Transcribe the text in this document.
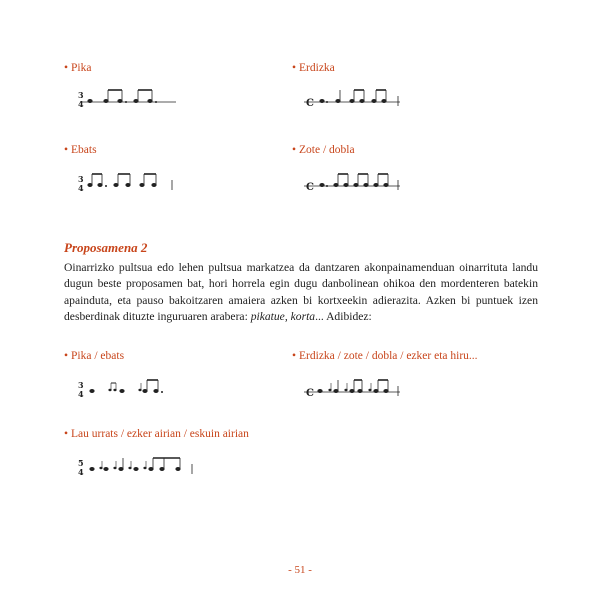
• Pika
3
4
• Erdizka
C
• Ebats
3
4
• Zote / dobla
C
Proposamena 2
Oinarrizko pultsua edo lehen pultsua markatzea da dantzaren akonpainamenduan oinarrituta landu dugun beste proposamen bat, hori horrela egin dugu danbolinean ohikoa den mordenteren batekin apainduta, eta pauso bakoitzaren amaiera azken bi kortxeekin adierazita. Azken bi puntuek izen desberdinak dituzte inguruaren arabera: pikatue, korta... Adibidez:
• Pika / ebats
3
4
• Erdizka / zote / dobla / ezker eta hiru...
C
• Lau urrats / ezker airian / eskuin airian
5
4
- 51 -
